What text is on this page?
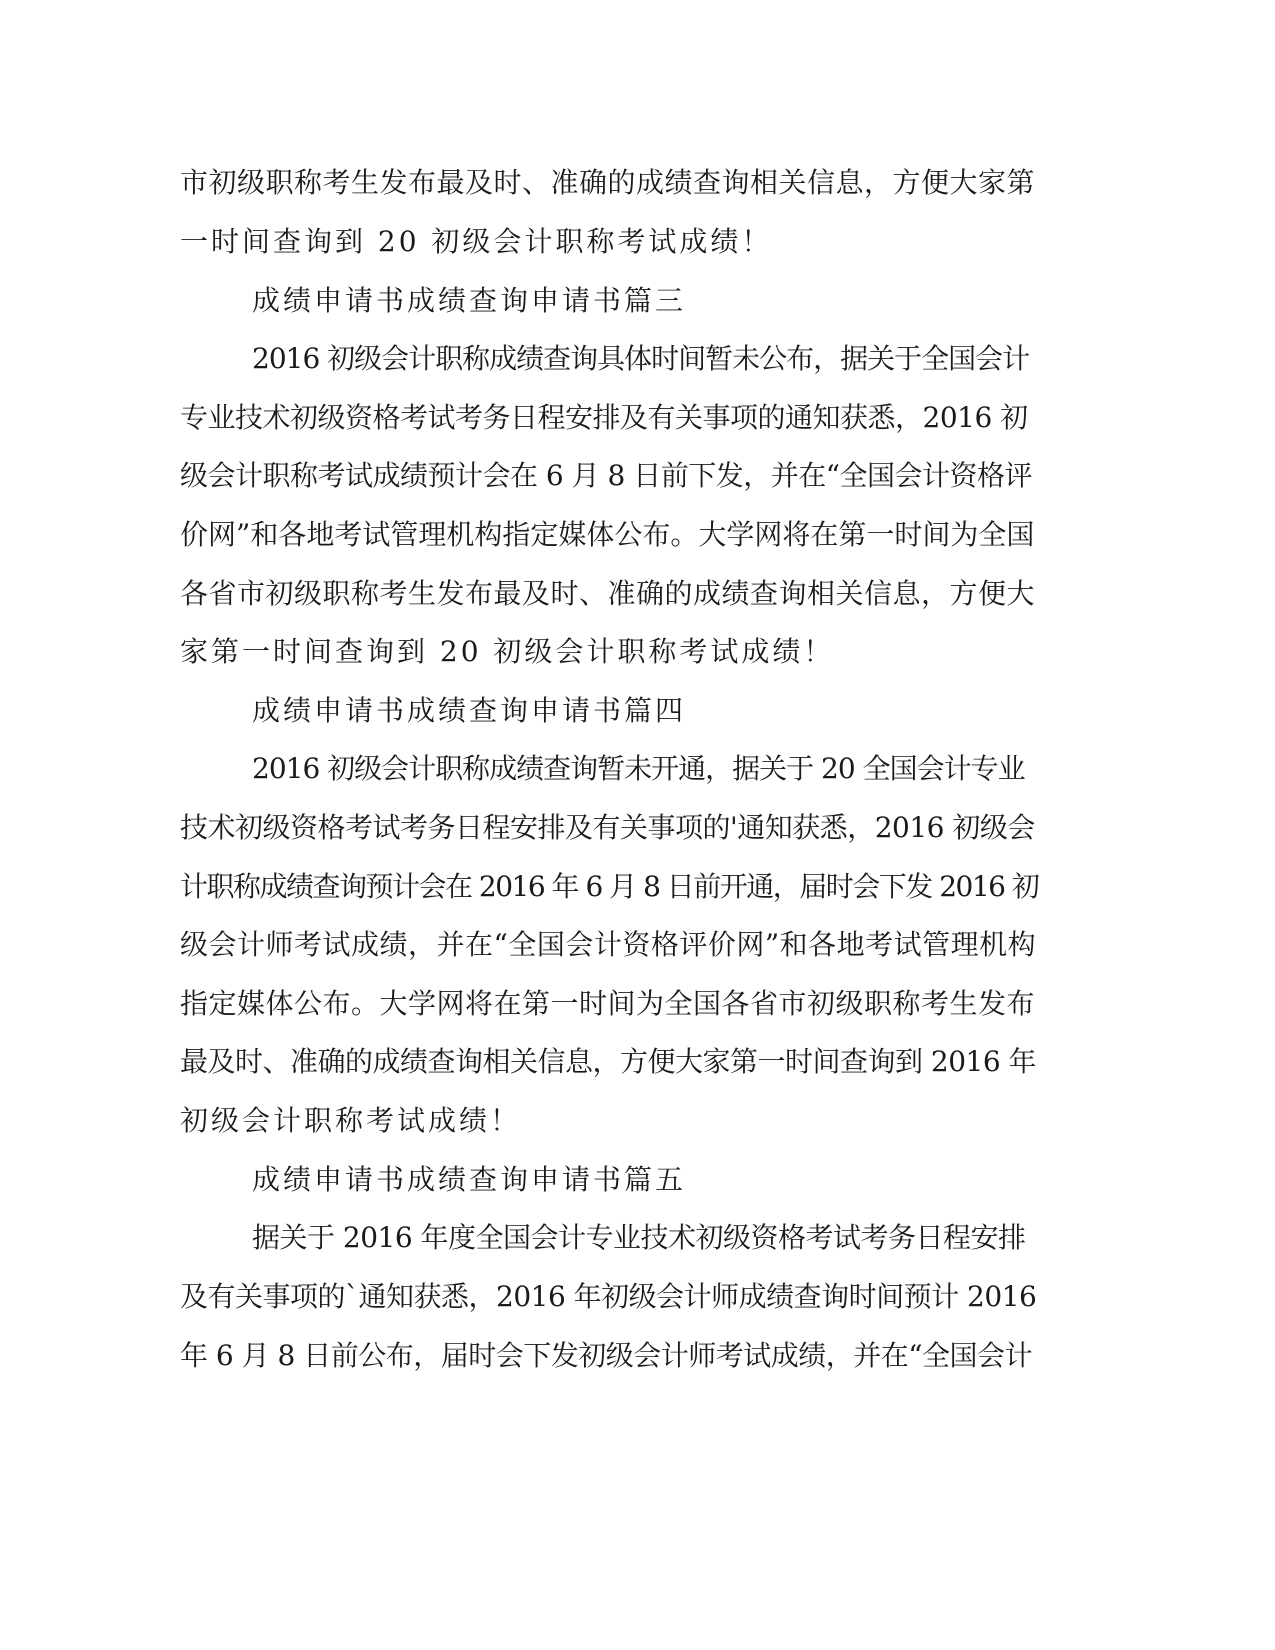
市初级职称考生发布最及时、准确的成绩查询相关信息，方便大家第
一时间查询到 20 初级会计职称考试成绩！
成绩申请书成绩查询申请书篇三
2016 初级会计职称成绩查询具体时间暂未公布，据关于全国会计
专业技术初级资格考试考务日程安排及有关事项的通知获悉，2016 初
级会计职称考试成绩预计会在 6 月 8 日前下发，并在“全国会计资格评
价网”和各地考试管理机构指定媒体公布。大学网将在第一时间为全国
各省市初级职称考生发布最及时、准确的成绩查询相关信息，方便大
家第一时间查询到 20 初级会计职称考试成绩！
成绩申请书成绩查询申请书篇四
2016 初级会计职称成绩查询暂未开通，据关于 20 全国会计专业
技术初级资格考试考务日程安排及有关事项的'通知获悉，2016 初级会
计职称成绩查询预计会在 2016 年 6 月 8 日前开通，届时会下发 2016 初
级会计师考试成绩，并在“全国会计资格评价网”和各地考试管理机构
指定媒体公布。大学网将在第一时间为全国各省市初级职称考生发布
最及时、准确的成绩查询相关信息，方便大家第一时间查询到 2016 年
初级会计职称考试成绩！
成绩申请书成绩查询申请书篇五
据关于 2016 年度全国会计专业技术初级资格考试考务日程安排
及有关事项的`通知获悉，2016 年初级会计师成绩查询时间预计 2016
年 6 月 8 日前公布，届时会下发初级会计师考试成绩，并在“全国会计
